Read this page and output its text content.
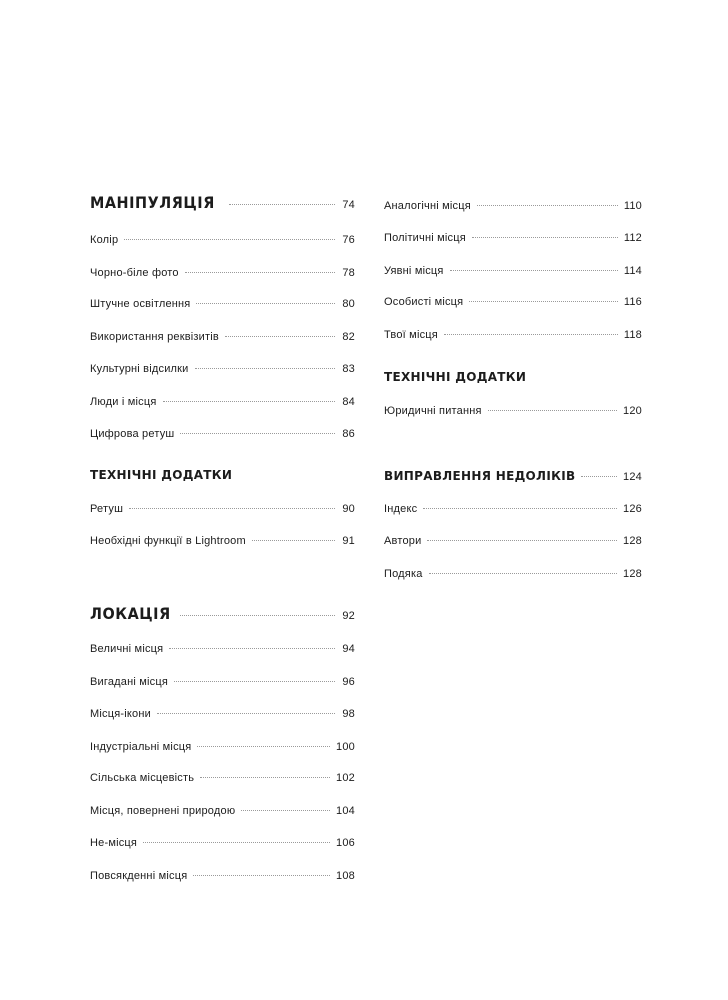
МАНІПУЛЯЦІЯ	74
Колір	76
Чорно-біле фото	78
Штучне освітлення	80
Використання реквізитів	82
Культурні відсилки	83
Люди і місця	84
Цифрова ретуш	86
ТЕХНІЧНІ ДОДАТКИ
Ретуш	90
Необхідні функції в Lightroom	91
ЛОКАЦІЯ	92
Величні місця	94
Вигадані місця	96
Місця-ікони	98
Індустріальні місця	100
Сільська місцевість	102
Місця, повернені природою	104
Не-місця	106
Повсякденні місця	108
Аналогічні місця	110
Політичні місця	112
Уявні місця	114
Особисті місця	116
Твої місця	118
ТЕХНІЧНІ ДОДАТКИ
Юридичні питання	120
ВИПРАВЛЕННЯ НЕДОЛІКІВ	124
Індекс	126
Автори	128
Подяка	128
